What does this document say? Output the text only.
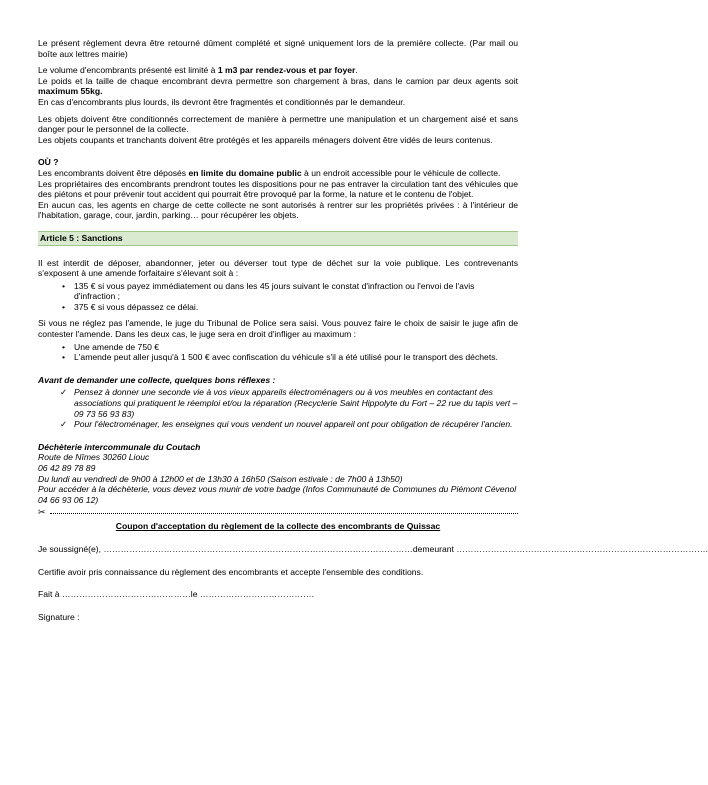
Le présent règlement devra être retourné dûment complété et signé uniquement lors de la première collecte. (Par mail ou boîte aux lettres mairie)

Le volume d'encombrants présenté est limité à 1 m3 par rendez-vous et par foyer.

Le poids et la taille de chaque encombrant devra permettre son chargement à bras, dans le camion par deux agents soit maximum 55kg.

En cas d'encombrants plus lourds, ils devront être fragmentés et conditionnés par le demandeur.

Les objets doivent être conditionnés correctement de manière à permettre une manipulation et un chargement aisé et sans danger pour le personnel de la collecte.

Les objets coupants et tranchants doivent être protégés et les appareils ménagers doivent être vidés de leurs contenus.

OÙ ?

Les encombrants doivent être déposés en limite du domaine public à un endroit accessible pour le véhicule de collecte.

Les propriétaires des encombrants prendront toutes les dispositions pour ne pas entraver la circulation tant des véhicules que des piétons et pour prévenir tout accident qui pourrait être provoqué par la forme, la nature et le contenu de l'objet.

En aucun cas, les agents en charge de cette collecte ne sont autorisés à rentrer sur les propriétés privées : à l'intérieur de l'habitation, garage, cour, jardin, parking… pour récupérer les objets.

Article 5 : Sanctions

Il est interdit de déposer, abandonner, jeter ou déverser tout type de déchet sur la voie publique. Les contrevenants s'exposent à une amende forfaitaire s'élevant soit à :

• 135 € si vous payez immédiatement ou dans les 45 jours suivant le constat d'infraction ou l'envoi de l'avis d'infraction ;
• 375 € si vous dépassez ce délai.

Si vous ne réglez pas l'amende, le juge du Tribunal de Police sera saisi. Vous pouvez faire le choix de saisir le juge afin de contester l'amende. Dans les deux cas, le juge sera en droit d'infliger au maximum :

• Une amende de 750 €
• L'amende peut aller jusqu'à 1 500 € avec confiscation du véhicule s'il a été utilisé pour le transport des déchets.

Avant de demander une collecte, quelques bons réflexes :

✓ Pensez à donner une seconde vie à vos vieux appareils électroménagers ou à vos meubles en contactant des associations qui pratiquent le réemploi et/ou la réparation (Recyclerie Saint Hippolyte du Fort – 22 rue du tapis vert – 09 73 56 93 83)
✓ Pour l'électroménager, les enseignes qui vous vendent un nouvel appareil ont pour obligation de récupérer l'ancien.

Déchèterie intercommunale du Coutach

Route de Nîmes 30260 Liouc

06 42 89 78 89

Du lundi au vendredi de 9h00 à 12h00 et de 13h30 à 16h50 (Saison estivale : de 7h00 à 13h50)

Pour accéder à la déchèterie, vous devez vous munir de votre badge (Infos Communauté de Communes du Piémont Cévenol 04 66 93 06 12)

✂

Coupon d'acceptation du règlement de la collecte des encombrants de Quissac

Je soussigné(e), ………………………………………………………………………………………………demeurant …………………………………………………………………………….

Certifie avoir pris connaissance du règlement des encombrants et accepte l'ensemble des conditions.

Fait à ………………………………………le ………………………………….

Signature :
